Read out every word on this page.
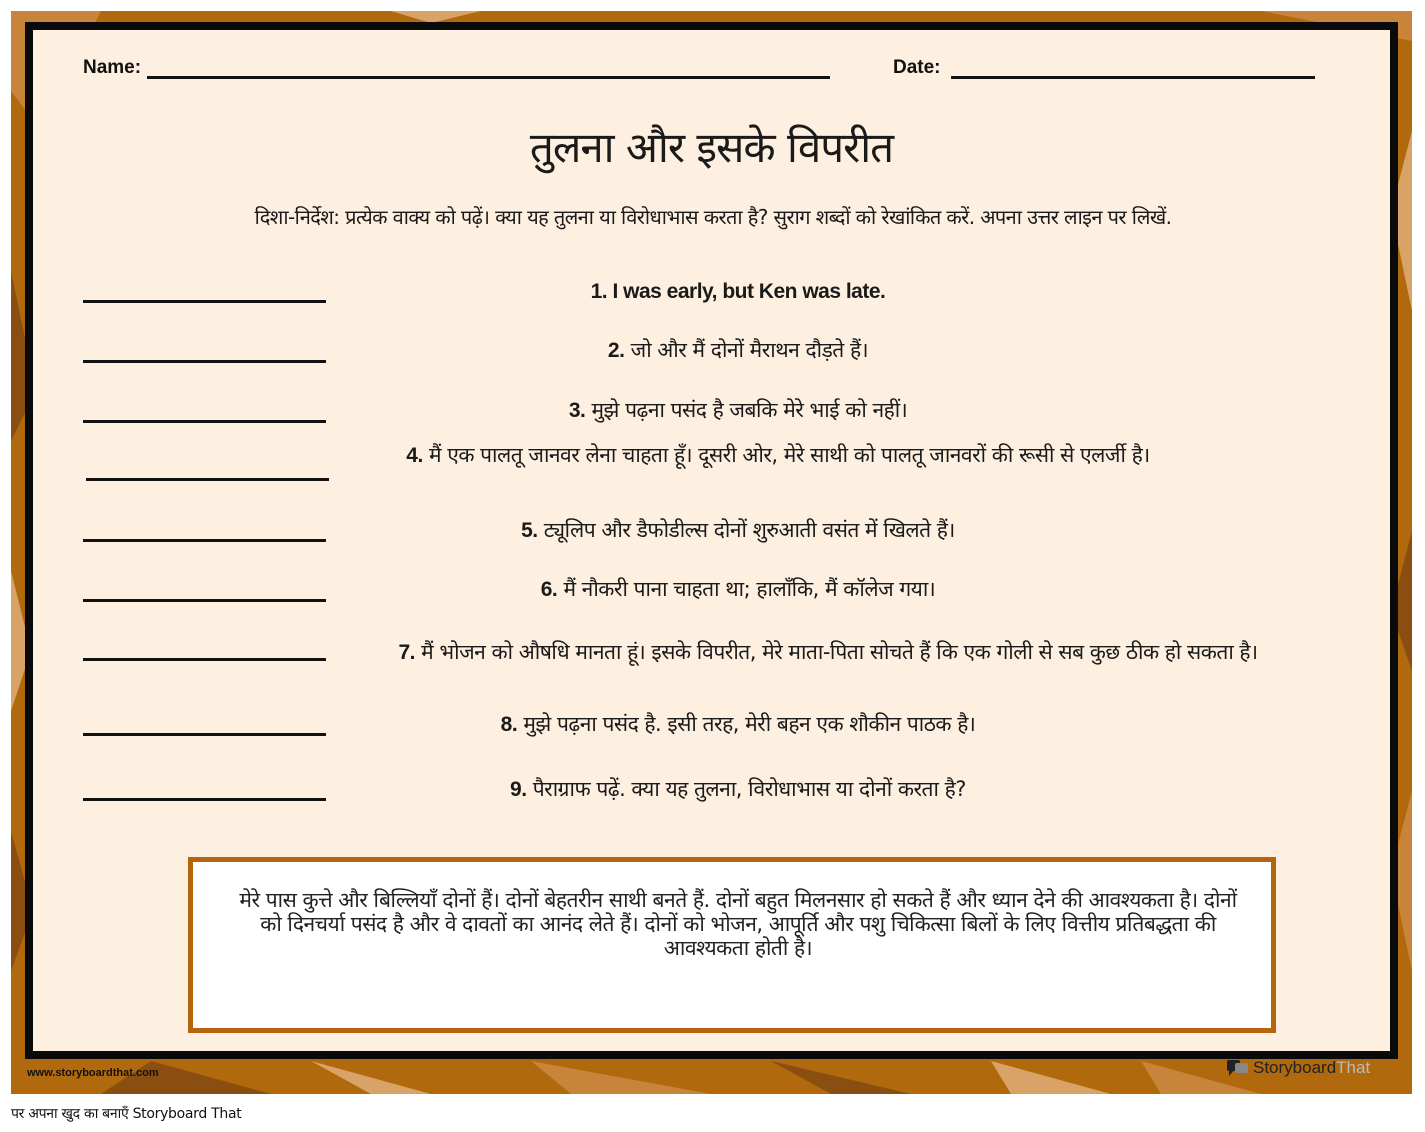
Name:	Date:
तुलना और इसके विपरीत
दिशा-निर्देश: प्रत्येक वाक्य को पढ़ें। क्या यह तुलना या विरोधाभास करता है? सुराग शब्दों को रेखांकित करें. अपना उत्तर लाइन पर लिखें.
1. I was early, but Ken was late.
2. जो और मैं दोनों मैराथन दौड़ते हैं।
3. मुझे पढ़ना पसंद है जबकि मेरे भाई को नहीं।
4. मैं एक पालतू जानवर लेना चाहता हूँ। दूसरी ओर, मेरे साथी को पालतू जानवरों की रूसी से एलर्जी है।
5. ट्यूलिप और डैफोडील्स दोनों शुरुआती वसंत में खिलते हैं।
6. मैं नौकरी पाना चाहता था; हालाँकि, मैं कॉलेज गया।
7. मैं भोजन को औषधि मानता हूं। इसके विपरीत, मेरे माता-पिता सोचते हैं कि एक गोली से सब कुछ ठीक हो सकता है।
8. मुझे पढ़ना पसंद है. इसी तरह, मेरी बहन एक शौकीन पाठक है।
9. पैराग्राफ पढ़ें. क्या यह तुलना, विरोधाभास या दोनों करता है?
मेरे पास कुत्ते और बिल्लियाँ दोनों हैं। दोनों बेहतरीन साथी बनते हैं. दोनों बहुत मिलनसार हो सकते हैं और ध्यान देने की आवश्यकता है। दोनों को दिनचर्या पसंद है और वे दावतों का आनंद लेते हैं। दोनों को भोजन, आपूर्ति और पशु चिकित्सा बिलों के लिए वित्तीय प्रतिबद्धता की आवश्यकता होती है।
www.storyboardthat.com	StoryboardThat
पर अपना खुद का बनाएँ Storyboard That
